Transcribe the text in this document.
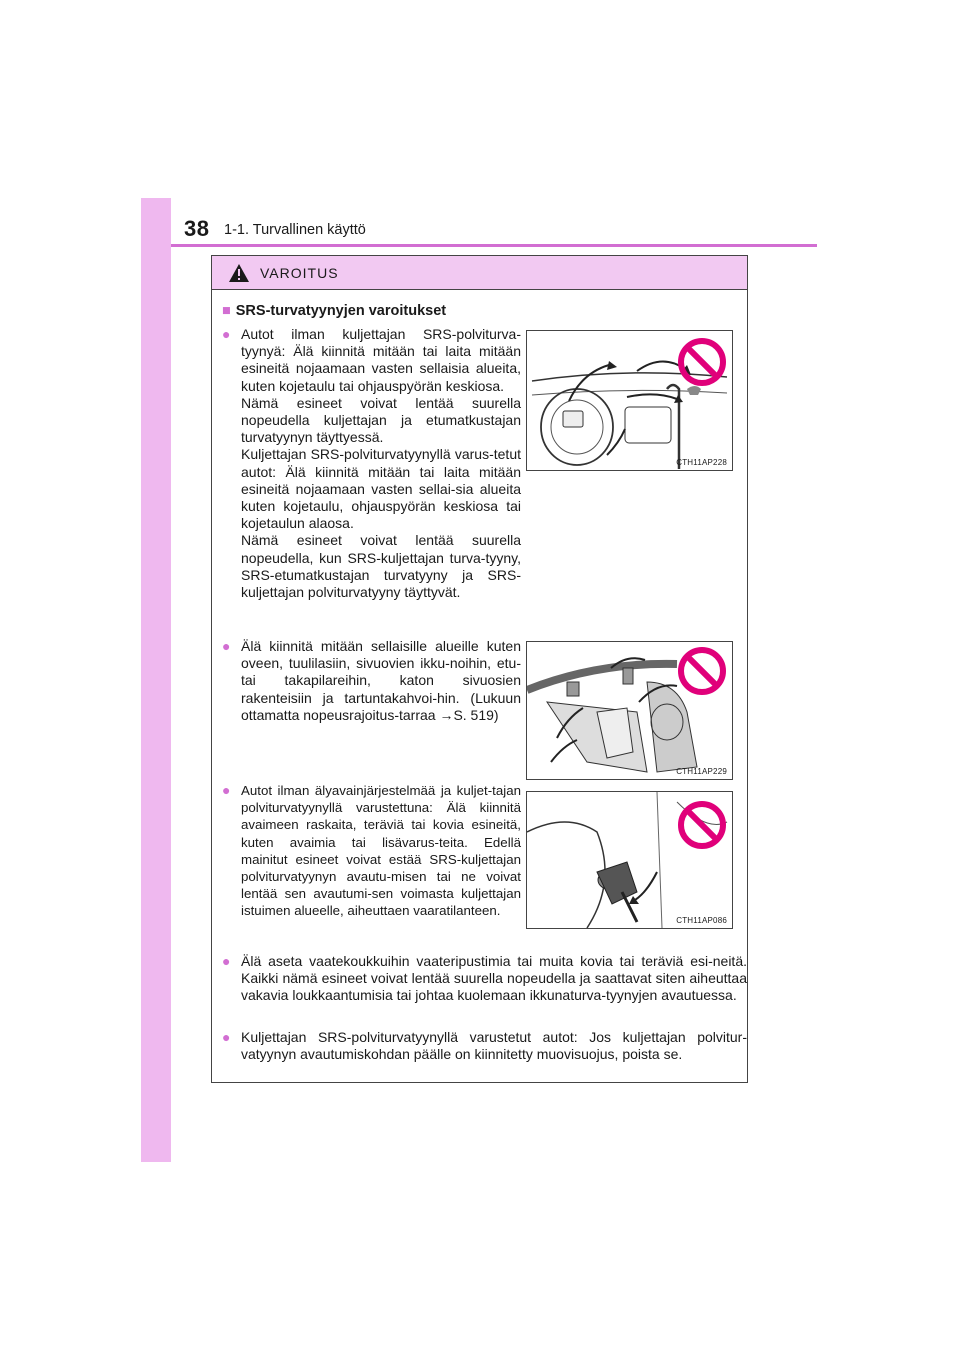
38 1-1. Turvallinen käyttö
VAROITUS
■ SRS-turvatyynyjen varoitukset
● Autot ilman kuljettajan SRS-polviturva-tyynyä: Älä kiinnitä mitään tai laita mitään esineitä nojaamaan vasten sellaisia alueita, kuten kojetaulu tai ohjauspyörän keskiosa.
Nämä esineet voivat lentää suurella nopeudella kuljettajan ja etumatkustajan turvatyynyn täyttyessä.
Kuljettajan SRS-polviturvatyynyllä varus-tetut autot: Älä kiinnitä mitään tai laita mitään esineitä nojaamaan vasten sellai-sia alueita kuten kojetaulu, ohjauspyörän keskiosa tai kojetaulun alaosa.
Nämä esineet voivat lentää suurella nopeudella, kun SRS-kuljettajan turva-tyyny, SRS-etumatkustajan turvatyyny ja SRS-kuljettajan polviturvatyyny täyttyvät.
CTH11AP228
● Älä kiinnitä mitään sellaisille alueille kuten oveen, tuulilasiin, sivuovien ikku-noihin, etu- tai takapilareihin, katon sivuosien rakenteisiin ja tartuntakahvoi-hin. (Lukuun ottamatta nopeusrajoitus-tarraa →S. 519)
CTH11AP229
● Autot ilman älyavainjärjestelmää ja kuljet-tajan polviturvatyynyllä varustettuna: Älä kiinnitä avaimeen raskaita, teräviä tai kovia esineitä, kuten avaimia tai lisävarus-teita. Edellä mainitut esineet voivat estää SRS-kuljettajan polviturvatyynyn avautu-misen tai ne voivat lentää sen avautumi-sen voimasta kuljettajan istuimen alueelle, aiheuttaen vaaratilanteen.
CTH11AP086
● Älä aseta vaatekoukkuihin vaateripustimia tai muita kovia tai teräviä esi-neitä. Kaikki nämä esineet voivat lentää suurella nopeudella ja saattavat siten aiheuttaa vakavia loukkaantumisia tai johtaa kuolemaan ikkunaturva-tyynyjen avautuessa.
● Kuljettajan SRS-polviturvatyynyllä varustetut autot: Jos kuljettajan polvitur-vatyynyn avautumiskohdan päälle on kiinnitetty muovisuojus, poista se.
